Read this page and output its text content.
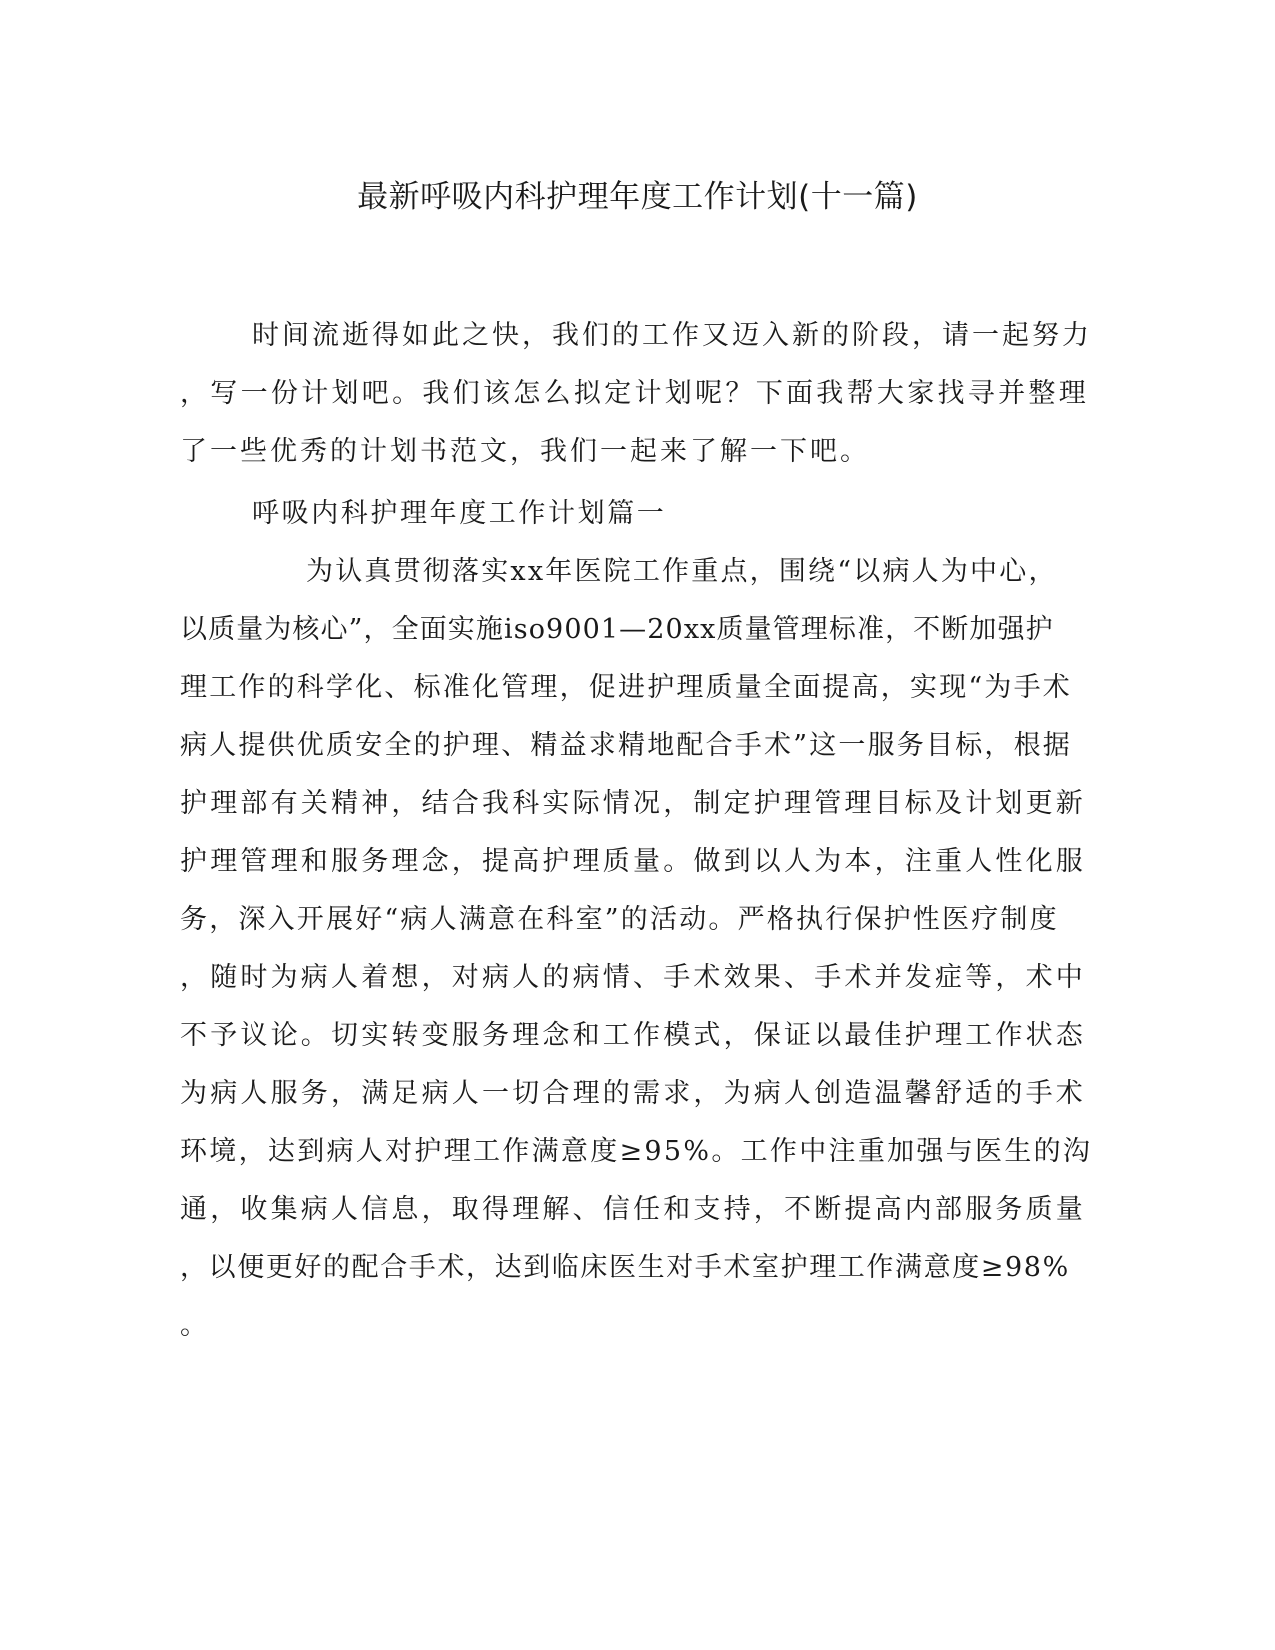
最新呼吸内科护理年度工作计划(十一篇)

时间流逝得如此之快，我们的工作又迈入新的阶段，请一起努力

，写一份计划吧。我们该怎么拟定计划呢？下面我帮大家找寻并整理

了一些优秀的计划书范文，我们一起来了解一下吧。

呼吸内科护理年度工作计划篇一

为认真贯彻落实xx年医院工作重点，围绕“以病人为中心，

以质量为核心”，全面实施iso9001—20xx质量管理标准，不断加强护

理工作的科学化、标准化管理，促进护理质量全面提高，实现“为手术

病人提供优质安全的护理、精益求精地配合手术”这一服务目标，根据

护理部有关精神，结合我科实际情况，制定护理管理目标及计划更新

护理管理和服务理念，提高护理质量。做到以人为本，注重人性化服

务，深入开展好“病人满意在科室”的活动。严格执行保护性医疗制度

，随时为病人着想，对病人的病情、手术效果、手术并发症等，术中

不予议论。切实转变服务理念和工作模式，保证以最佳护理工作状态

为病人服务，满足病人一切合理的需求，为病人创造温馨舒适的手术

环境，达到病人对护理工作满意度≥95%。工作中注重加强与医生的沟

通，收集病人信息，取得理解、信任和支持，不断提高内部服务质量

，以便更好的配合手术，达到临床医生对手术室护理工作满意度≥98%

。
